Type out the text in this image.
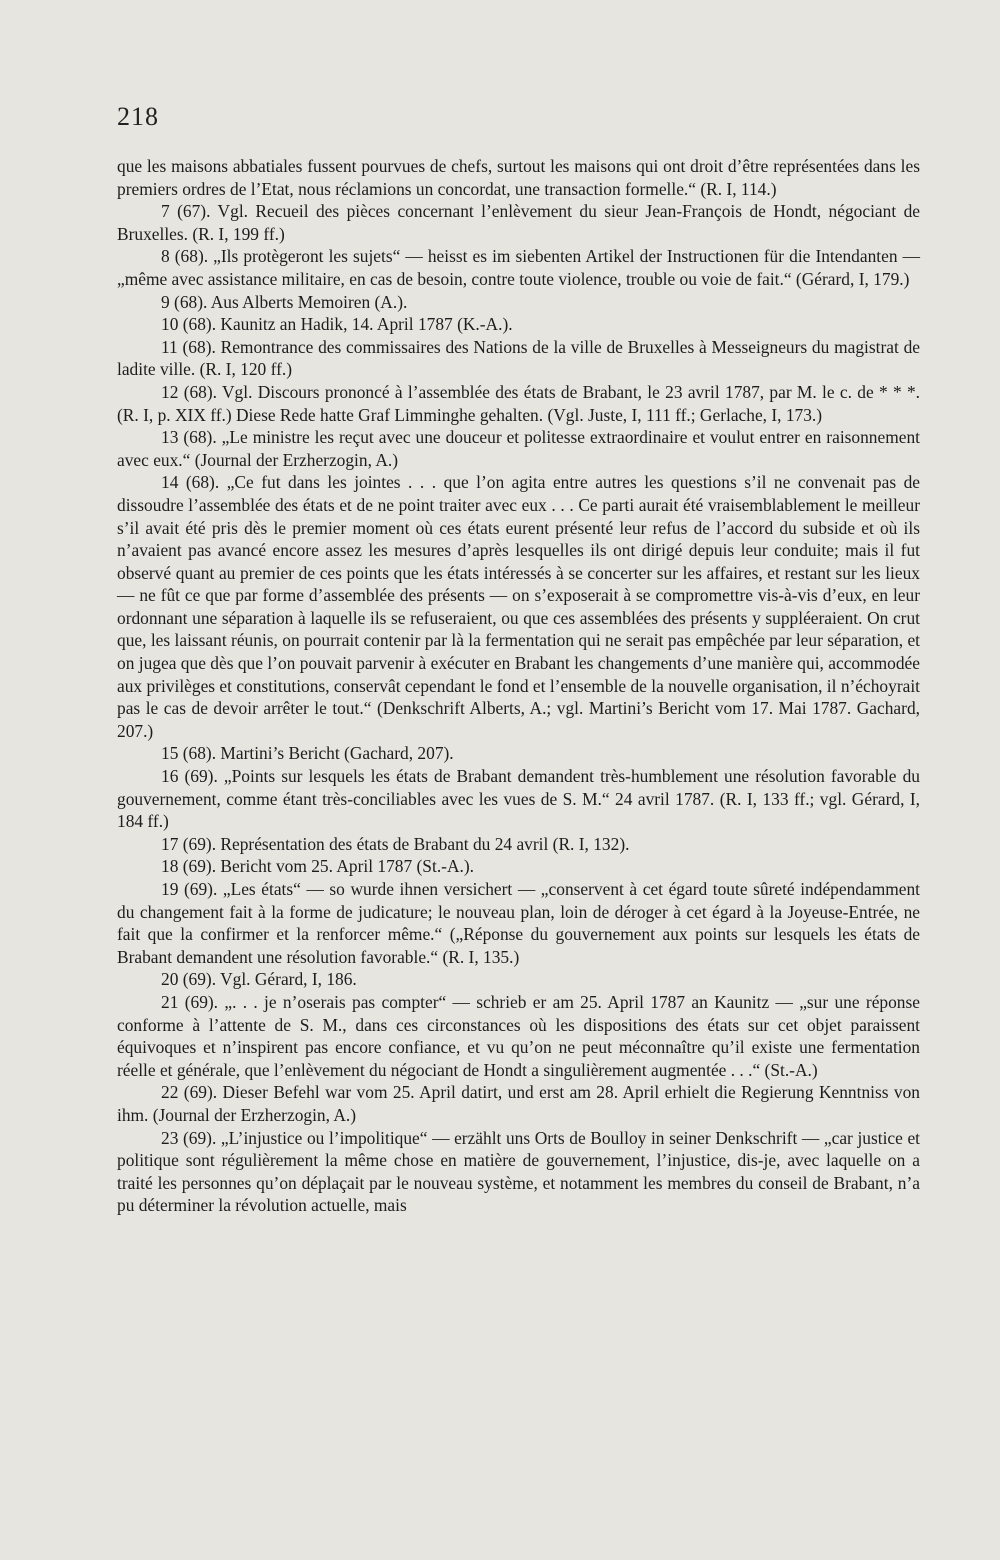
218

que les maisons abbatiales fussent pourvues de chefs, surtout les maisons qui ont droit d’être représentées dans les premiers ordres de l’Etat, nous réclamions un concordat, une transaction formelle.“ (R. I, 114.)

7 (67). Vgl. Recueil des pièces concernant l’enlèvement du sieur Jean-François de Hondt, négociant de Bruxelles. (R. I, 199 ff.)

8 (68). „Ils protègeront les sujets“ — heisst es im siebenten Artikel der Instructionen für die Intendanten — „même avec assistance militaire, en cas de besoin, contre toute violence, trouble ou voie de fait.“ (Gérard, I, 179.)

9 (68). Aus Alberts Memoiren (A.).

10 (68). Kaunitz an Hadik, 14. April 1787 (K.-A.).

11 (68). Remontrance des commissaires des Nations de la ville de Bruxelles à Messeigneurs du magistrat de ladite ville. (R. I, 120 ff.)

12 (68). Vgl. Discours prononcé à l’assemblée des états de Brabant, le 23 avril 1787, par M. le c. de * * *. (R. I, p. XIX ff.) Diese Rede hatte Graf Limminghe gehalten. (Vgl. Juste, I, 111 ff.; Gerlache, I, 173.)

13 (68). „Le ministre les reçut avec une douceur et politesse extraordinaire et voulut entrer en raisonnement avec eux.“ (Journal der Erzherzogin, A.)

14 (68). „Ce fut dans les jointes . . . que l’on agita entre autres les questions s’il ne convenait pas de dissoudre l’assemblée des états et de ne point traiter avec eux . . . Ce parti aurait été vraisemblablement le meilleur s’il avait été pris dès le premier moment où ces états eurent présenté leur refus de l’accord du subside et où ils n’avaient pas avancé encore assez les mesures d’après lesquelles ils ont dirigé depuis leur conduite; mais il fut observé quant au premier de ces points que les états intéressés à se concerter sur les affaires, et restant sur les lieux — ne fût ce que par forme d’assemblée des présents — on s’exposerait à se compromettre vis-à-vis d’eux, en leur ordonnant une séparation à laquelle ils se refuseraient, ou que ces assemblées des présents y suppléeraient. On crut que, les laissant réunis, on pourrait contenir par là la fermentation qui ne serait pas empêchée par leur séparation, et on jugea que dès que l’on pouvait parvenir à exécuter en Brabant les changements d’une manière qui, accommodée aux privilèges et constitutions, conservât cependant le fond et l’ensemble de la nouvelle organisation, il n’échoyrait pas le cas de devoir arrêter le tout.“ (Denkschrift Alberts, A.; vgl. Martini’s Bericht vom 17. Mai 1787. Gachard, 207.)

15 (68). Martini’s Bericht (Gachard, 207).

16 (69). „Points sur lesquels les états de Brabant demandent très-humblement une résolution favorable du gouvernement, comme étant très-conciliables avec les vues de S. M.“ 24 avril 1787. (R. I, 133 ff.; vgl. Gérard, I, 184 ff.)

17 (69). Représentation des états de Brabant du 24 avril (R. I, 132).

18 (69). Bericht vom 25. April 1787 (St.-A.).

19 (69). „Les états“ — so wurde ihnen versichert — „conservent à cet égard toute sûreté indépendamment du changement fait à la forme de judicature; le nouveau plan, loin de déroger à cet égard à la Joyeuse-Entrée, ne fait que la confirmer et la renforcer même.“ („Réponse du gouvernement aux points sur lesquels les états de Brabant demandent une résolution favorable.“ (R. I, 135.)

20 (69). Vgl. Gérard, I, 186.

21 (69). „. . . je n’oserais pas compter“ — schrieb er am 25. April 1787 an Kaunitz — „sur une réponse conforme à l’attente de S. M., dans ces circonstances où les dispositions des états sur cet objet paraissent équivoques et n’inspirent pas encore confiance, et vu qu’on ne peut méconnaître qu’il existe une fermentation réelle et générale, que l’enlèvement du négociant de Hondt a singulièrement augmentée . . .“ (St.-A.)

22 (69). Dieser Befehl war vom 25. April datirt, und erst am 28. April erhielt die Regierung Kenntniss von ihm. (Journal der Erzherzogin, A.)

23 (69). „L’injustice ou l’impolitique“ — erzählt uns Orts de Boulloy in seiner Denkschrift — „car justice et politique sont régulièrement la même chose en matière de gouvernement, l’injustice, dis-je, avec laquelle on a traité les personnes qu’on déplaçait par le nouveau système, et notamment les membres du conseil de Brabant, n’a pu déterminer la révolution actuelle, mais
